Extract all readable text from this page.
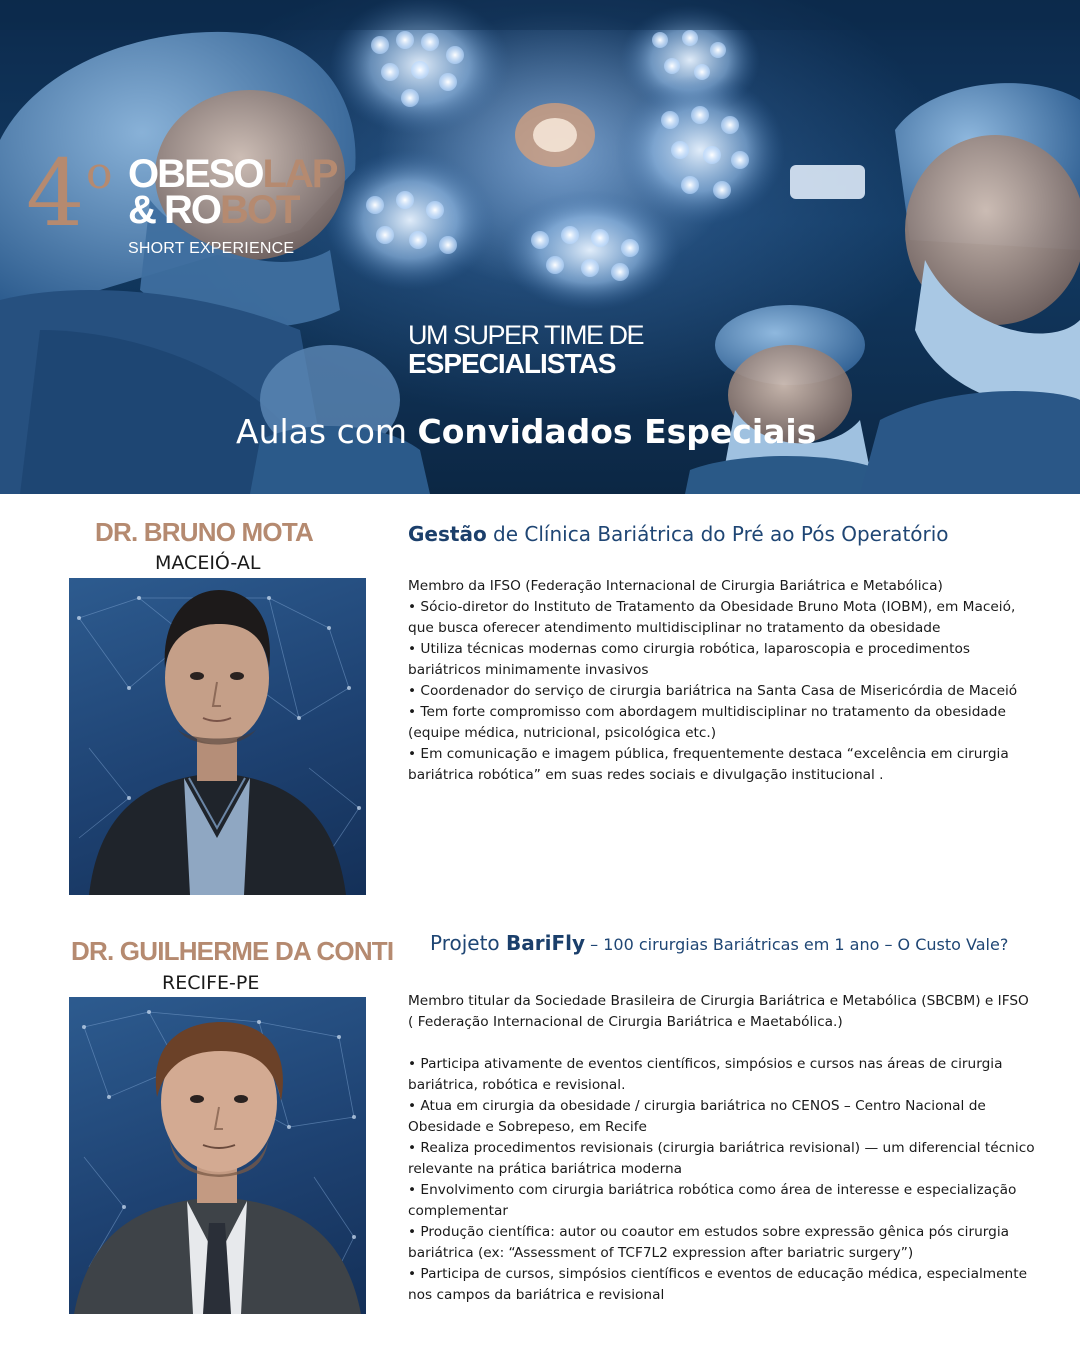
4 o OBESOLAP
& ROBOT
SHORT EXPERIENCE
UM SUPER TIME DE
ESPECIALISTAS
Aulas com Convidados Especiais
DR. BRUNO MOTA
MACEIÓ-AL
Gestão de Clínica Bariátrica do Pré ao Pós Operatório

Membro da IFSO (Federação Internacional de Cirurgia Bariátrica e Metabólica)

• Sócio-diretor do Instituto de Tratamento da Obesidade Bruno Mota (IOBM), em Maceió, que busca oferecer atendimento multidisciplinar no tratamento da obesidade

• Utiliza técnicas modernas como cirurgia robótica, laparoscopia e procedimentos bariátricos minimamente invasivos

• Coordenador do serviço de cirurgia bariátrica na Santa Casa de Misericórdia de Maceió

• Tem forte compromisso com abordagem multidisciplinar no tratamento da obesidade (equipe médica, nutricional, psicológica etc.)

• Em comunicação e imagem pública, frequentemente destaca “excelência em cirurgia bariátrica robótica” em suas redes sociais e divulgação institucional .

DR. GUILHERME DA CONTI
RECIFE-PE
Projeto BariFly – 100 cirurgias Bariátricas em 1 ano – O Custo Vale?

Membro titular da Sociedade Brasileira de Cirurgia Bariátrica e Metabólica (SBCBM) e IFSO ( Federação Internacional de Cirurgia Bariátrica e Maetabólica.)

• Participa ativamente de eventos científicos, simpósios e cursos nas áreas de cirurgia bariátrica, robótica e revisional.

• Atua em cirurgia da obesidade / cirurgia bariátrica no CENOS – Centro Nacional de Obesidade e Sobrepeso, em Recife

• Realiza procedimentos revisionais (cirurgia bariátrica revisional) — um diferencial técnico relevante na prática bariátrica moderna

• Envolvimento com cirurgia bariátrica robótica como área de interesse e especialização complementar

• Produção científica: autor ou coautor em estudos sobre expressão gênica pós cirurgia bariátrica (ex: “Assessment of TCF7L2 expression after bariatric surgery”)

• Participa de cursos, simpósios científicos e eventos de educação médica, especialmente nos campos da bariátrica e revisional
